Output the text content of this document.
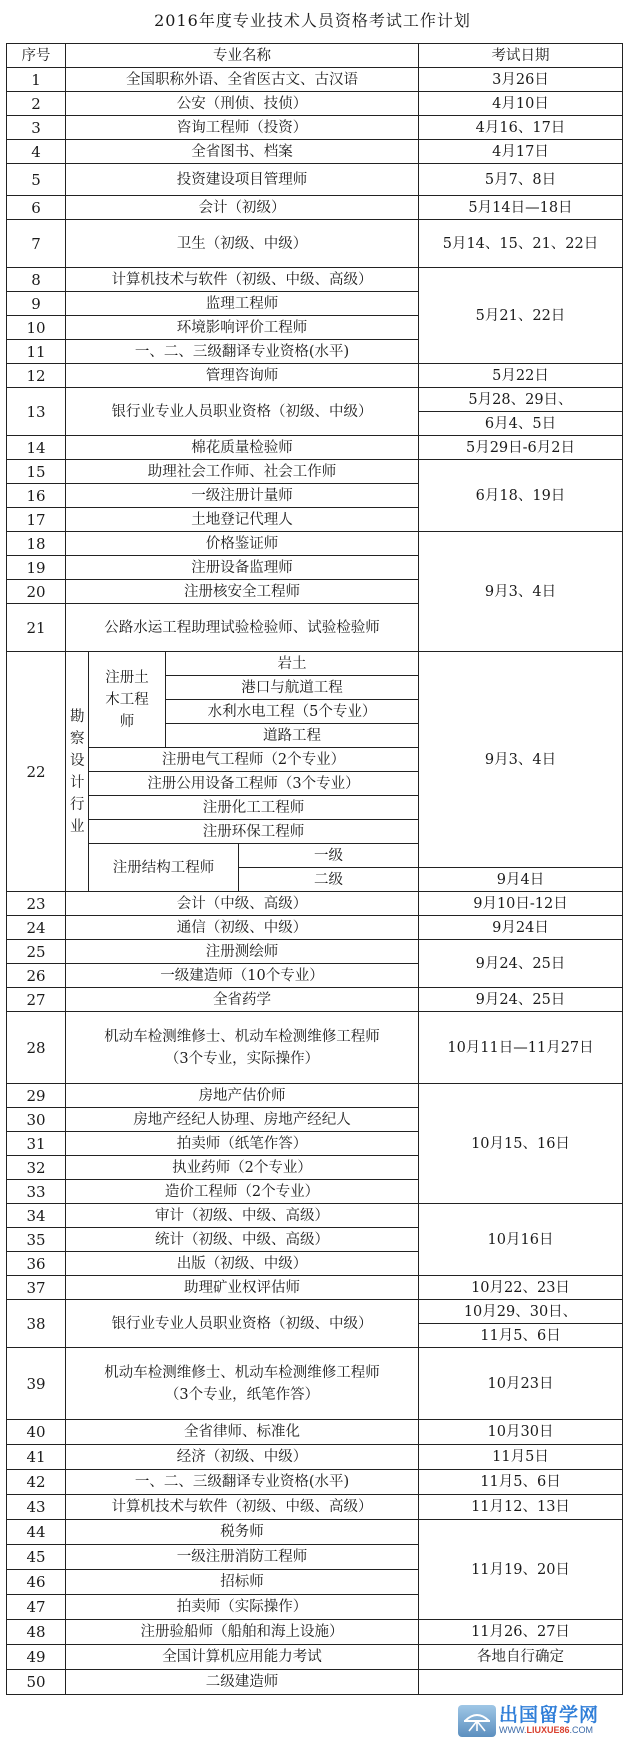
2016年度专业技术人员资格考试工作计划
序号	专业名称				考试日期
1	全国职称外语、全省医古文、古汉语				3月26日
2	公安（刑侦、技侦）				4月10日
3	咨询工程师（投资）				4月16、17日
4	全省图书、档案				4月17日
5	投资建设项目管理师				5月7、8日
6	会计（初级）				5月14日—18日
7	卫生（初级、中级）				5月14、15、21、22日
8	计算机技术与软件（初级、中级、高级）				5月21、22日
9	监理工程师				
10	环境影响评价工程师				
11	一、二、三级翻译专业资格(水平)				
12	管理咨询师				5月22日
13	银行业专业人员职业资格（初级、中级）				5月28、29日、
					6月4、5日
14	棉花质量检验师				5月29日-6月2日
15	助理社会工作师、社会工作师				6月18、19日
16	一级注册计量师				
17	土地登记代理人				
18	价格鉴证师				9月3、4日
19	注册设备监理师				
20	注册核安全工程师				
21	公路水运工程助理试验检验师、试验检验师				
22	勘察设计行业	注册土木工程师	岩土		9月3、4日
			港口与航道工程		
			水利水电工程（5个专业）		
			道路工程		
		注册电气工程师（2个专业）			
		注册公用设备工程师（3个专业）			
		注册化工工程师			
		注册环保工程师			
		注册结构工程师		一级	
				二级	9月4日
23	会计（中级、高级）				9月10日-12日
24	通信（初级、中级）				9月24日
25	注册测绘师				9月24、25日
26	一级建造师（10个专业）				
27	全省药学				9月24、25日
28	机动车检测维修士、机动车检测维修工程师
（3个专业，实际操作）				10月11日—11月27日
29	房地产估价师				10月15、16日
30	房地产经纪人协理、房地产经纪人				
31	拍卖师（纸笔作答）				
32	执业药师（2个专业）				
33	造价工程师（2个专业）				
34	审计（初级、中级、高级）				10月16日
35	统计（初级、中级、高级）				
36	出版（初级、中级）				
37	助理矿业权评估师				10月22、23日
38	银行业专业人员职业资格（初级、中级）				10月29、30日、
					11月5、6日
39	机动车检测维修士、机动车检测维修工程师
（3个专业，纸笔作答）				10月23日
40	全省律师、标准化				10月30日
41	经济（初级、中级）				11月5日
42	一、二、三级翻译专业资格(水平)				11月5、6日
43	计算机技术与软件（初级、中级、高级）				11月12、13日
44	税务师				11月19、20日
45	一级注册消防工程师				
46	招标师				
47	拍卖师（实际操作）				
48	注册验船师（船舶和海上设施）				11月26、27日
49	全国计算机应用能力考试				各地自行确定
50	二级建造师				
出国留学网
WWW.LIUXUE86.COM
